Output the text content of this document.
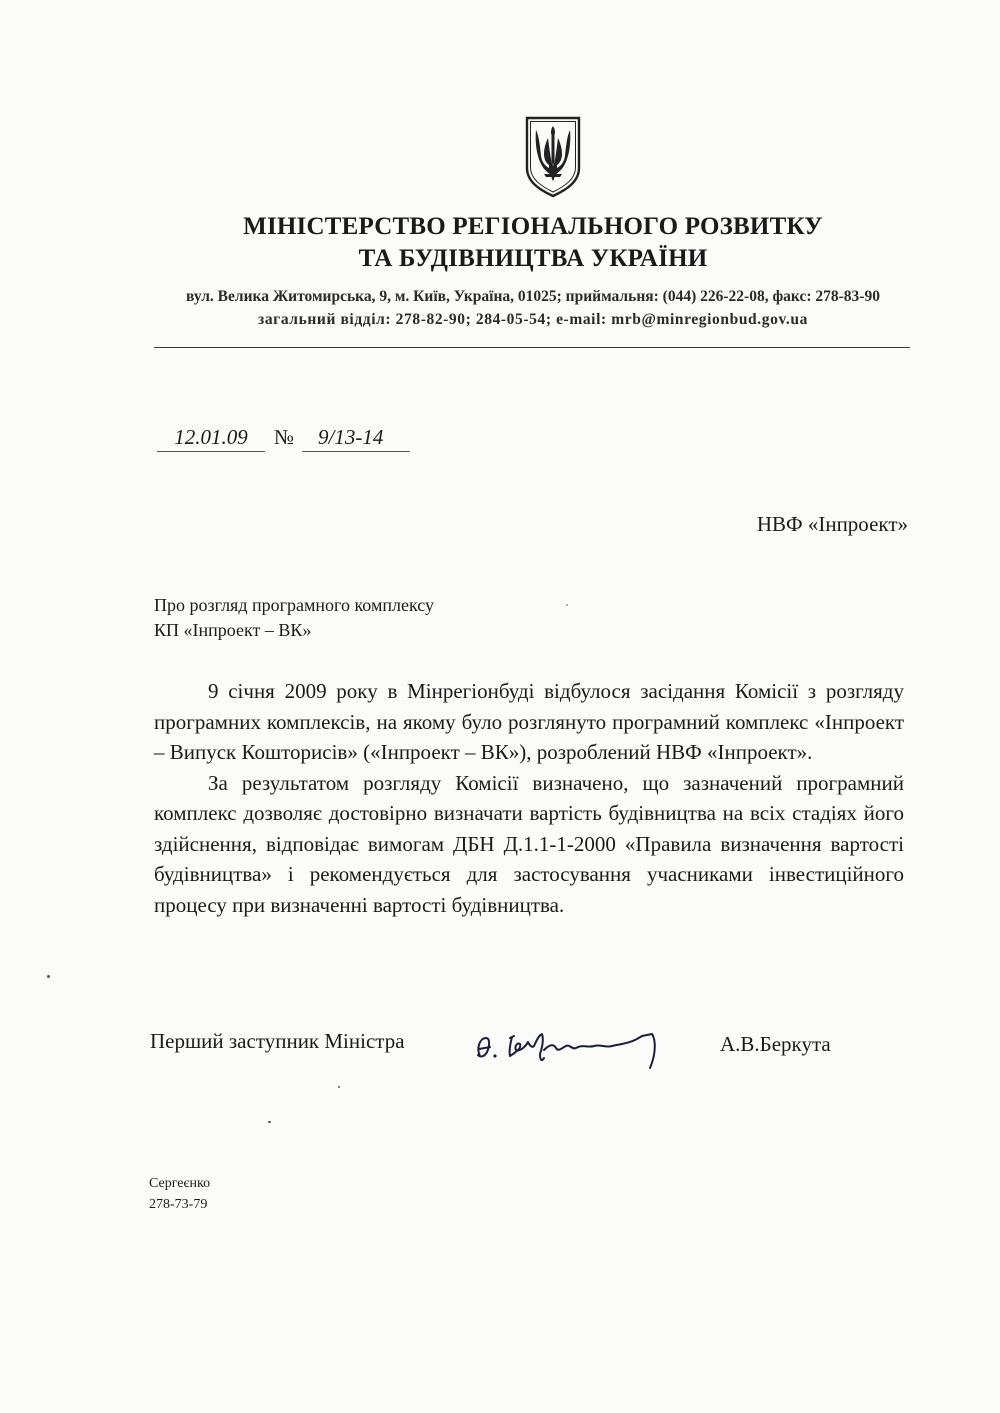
МІНІСТЕРСТВО РЕГІОНАЛЬНОГО РОЗВИТКУ
ТА БУДІВНИЦТВА УКРАЇНИ
вул. Велика Житомирська, 9, м. Київ, Україна, 01025; приймальня: (044) 226-22-08, факс: 278-83-90
загальний відділ: 278-82-90; 284-05-54; e-mail: mrb@minregionbud.gov.ua
12.01.09	№	9/13-14
НВФ «Інпроект»
Про розгляд програмного комплексу
КП «Інпроект – ВК»

9 січня 2009 року в Мінрегіонбуді відбулося засідання Комісії з розгляду програмних комплексів, на якому було розглянуто програмний комплекс «Інпроект – Випуск Кошторисів» («Інпроект – ВК»), розроблений НВФ «Інпроект».

За результатом розгляду Комісії визначено, що зазначений програмний комплекс дозволяє достовірно визначати вартість будівництва на всіх стадіях його здійснення, відповідає вимогам ДБН Д.1.1-1-2000 «Правила визначення вартості будівництва» і рекомендується для застосування учасниками інвестиційного процесу при визначенні вартості будівництва.

Перший заступник Міністра	А.В.Беркута
Сергеєнко
278-73-79
